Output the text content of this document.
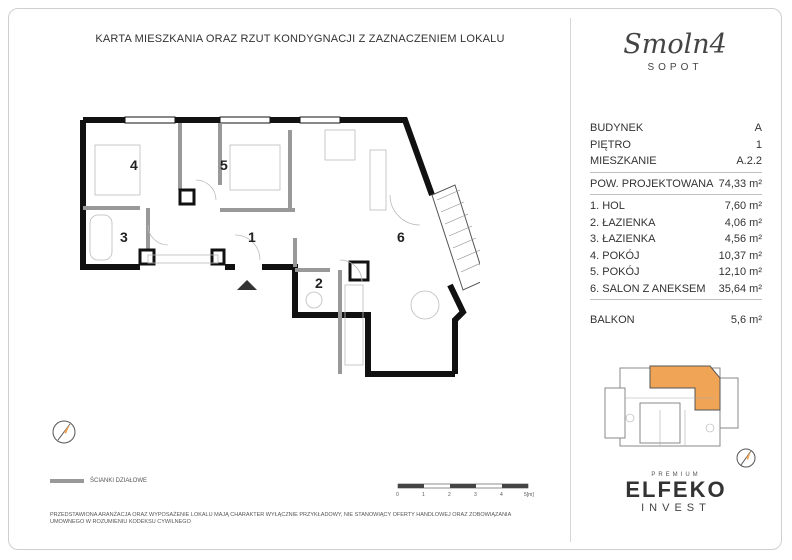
KARTA MIESZKANIA ORAZ RZUT KONDYGNACJI Z ZAZNACZENIEM LOKALU
4	5
3	1	6
2
Smoln4
SOPOT
BUDYNEK	A
PIĘTRO	1
MIESZKANIE	A.2.2
POW. PROJEKTOWANA 74,33 m²
1. HOL	7,60 m²
2. ŁAZIENKA	4,06 m²
3. ŁAZIENKA	4,56 m²
4. POKÓJ	10,37 m²
5. POKÓJ	12,10 m²
6. SALON Z ANEKSEM 35,64 m²
BALKON	5,6 m²
ŚCIANKI DZIAŁOWE
0	1	2	3	4	5[m]
PRZEDSTAWIONA ARANŻACJA ORAZ WYPOSAŻENIE LOKALU MAJĄ CHARAKTER WYŁĄCZNIE PRZYKŁADOWY, NIE STANOWIĄCY OFERTY HANDLOWEJ ORAZ ZOBOWIĄZANIA UMOWNEGO W ROZUMIENIU KODEKSU CYWILNEGO
PREMIUM
ELFEKO
INVEST
